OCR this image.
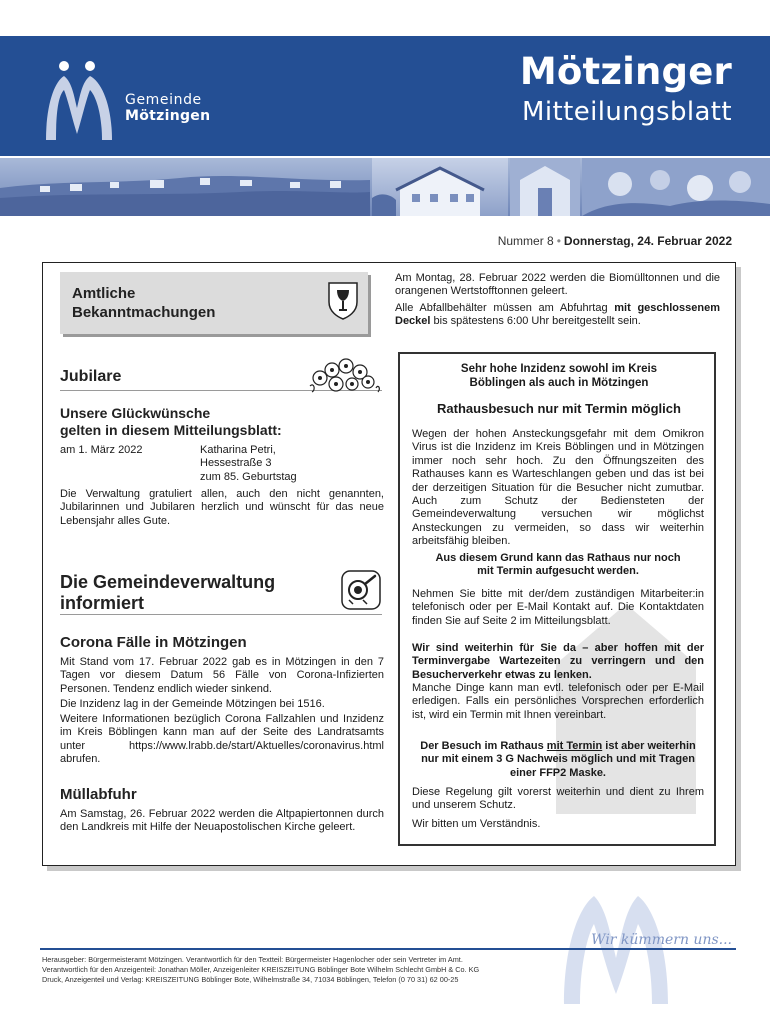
Gemeinde
Mötzingen
Mötzinger
Mitteilungsblatt
Nummer 8 • Donnerstag, 24. Februar 2022
Amtliche
Bekanntmachungen
Jubilare
Unsere Glückwünsche
gelten in diesem Mitteilungsblatt:
am 1. März 2022	Katharina Petri,
Hessestraße 3
zum 85. Geburtstag
Die Verwaltung gratuliert allen, auch den nicht genannten, Jubilarinnen und Jubilaren herzlich und wünscht für das neue Lebensjahr alles Gute.
Die Gemeindeverwaltung
informiert
Corona Fälle in Mötzingen
Mit Stand vom 17. Februar 2022 gab es in Mötzingen in den 7 Tagen vor diesem Datum 56 Fälle von Corona-Infizierten Personen. Tendenz endlich wieder sinkend.
Die Inzidenz lag in der Gemeinde Mötzingen bei 1516.
Weitere Informationen bezüglich Corona Fallzahlen und Inzidenz im Kreis Böblingen kann man auf der Seite des Landratsamts unter https://www.lrabb.de/start/Aktuelles/coronavirus.html abrufen.
Müllabfuhr
Am Samstag, 26. Februar 2022 werden die Altpapiertonnen durch den Landkreis mit Hilfe der Neuapostolischen Kirche geleert.
Am Montag, 28. Februar 2022 werden die Biomülltonnen und die orangenen Wertstofftonnen geleert.
Alle Abfallbehälter müssen am Abfuhrtag mit geschlossenem Deckel bis spätestens 6:00 Uhr bereitgestellt sein.
Sehr hohe Inzidenz sowohl im Kreis
Böblingen als auch in Mötzingen
Rathausbesuch nur mit Termin möglich
Wegen der hohen Ansteckungsgefahr mit dem Omikron Virus ist die Inzidenz im Kreis Böblingen und in Mötzingen immer noch sehr hoch. Zu den Öffnungszeiten des Rathauses kann es Warteschlangen geben und das ist bei der derzeitigen Situation für die Besucher nicht zumutbar. Auch zum Schutz der Bediensteten der Gemeindeverwaltung versuchen wir möglichst Ansteckungen zu vermeiden, so dass wir weiterhin arbeitsfähig bleiben.
Aus diesem Grund kann das Rathaus nur noch
mit Termin aufgesucht werden.
Nehmen Sie bitte mit der/dem zuständigen Mitarbeiter:in telefonisch oder per E-Mail Kontakt auf. Die Kontaktdaten finden Sie auf Seite 2 im Mitteilungsblatt.
Wir sind weiterhin für Sie da – aber hoffen mit der Terminvergabe Wartezeiten zu verringern und den Besucherverkehr etwas zu lenken.
Manche Dinge kann man evtl. telefonisch oder per E-Mail erledigen. Falls ein persönliches Vorsprechen erforderlich ist, wird ein Termin mit Ihnen vereinbart.
Der Besuch im Rathaus mit Termin ist aber weiterhin nur mit einem 3 G Nachweis möglich und mit Tragen einer FFP2 Maske.
Diese Regelung gilt vorerst weiterhin und dient zu Ihrem und unserem Schutz.
Wir bitten um Verständnis.
Wir kümmern uns...
Herausgeber: Bürgermeisteramt Mötzingen. Verantwortlich für den Textteil: Bürgermeister Hagenlocher oder sein Vertreter im Amt.
Verantwortlich für den Anzeigenteil: Jonathan Möller, Anzeigenleiter KREISZEITUNG Böblinger Bote Wilhelm Schlecht GmbH & Co. KG
Druck, Anzeigenteil und Verlag: KREISZEITUNG Böblinger Bote, Wilhelmstraße 34, 71034 Böblingen, Telefon (0 70 31) 62 00-25
